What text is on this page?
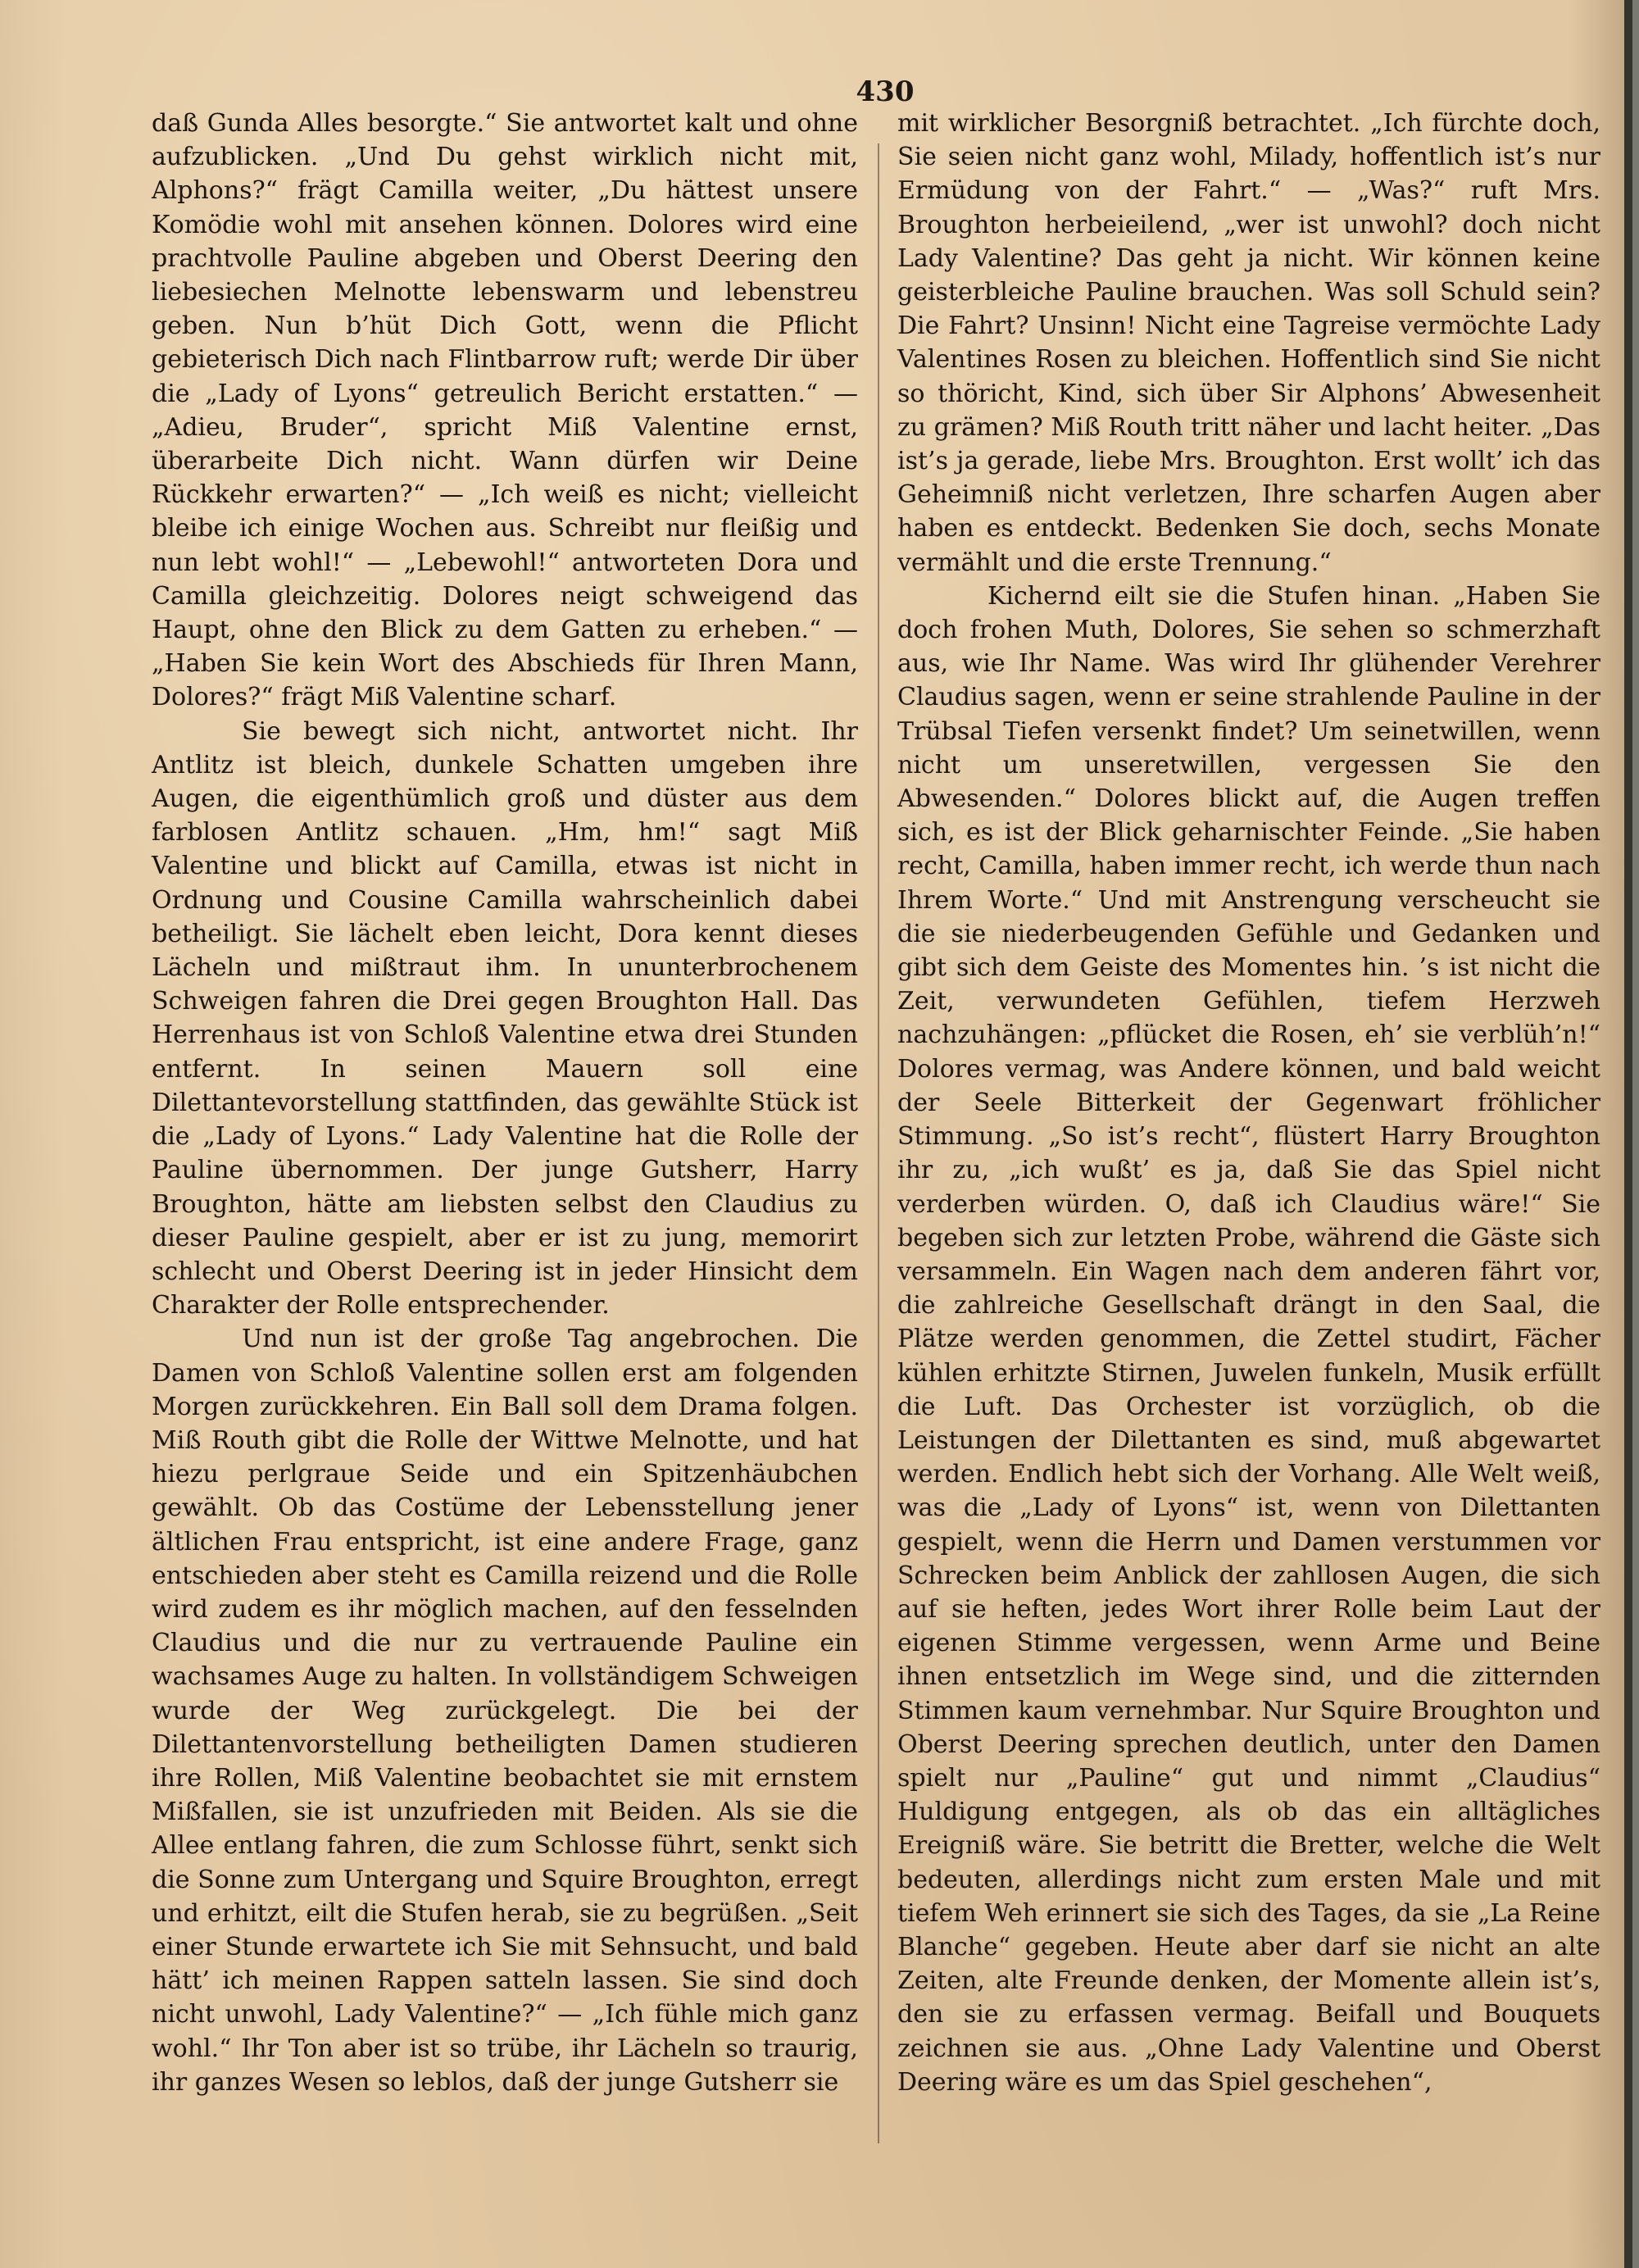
430

daß Gunda Alles besorgte.“ Sie antwortet kalt und ohne aufzublicken. „Und Du gehst wirklich nicht mit, Alphons?“ frägt Camilla weiter, „Du hättest unsere Komödie wohl mit ansehen können. Dolores wird eine prachtvolle Pauline abgeben und Oberst Deering den liebesiechen Melnotte lebenswarm und lebenstreu geben. Nun b’hüt Dich Gott, wenn die Pflicht gebieterisch Dich nach Flintbarrow ruft; werde Dir über die „Lady of Lyons“ getreulich Bericht erstatten.“ — „Adieu, Bruder“, spricht Miß Valentine ernst, überarbeite Dich nicht. Wann dürfen wir Deine Rückkehr erwarten?“ — „Ich weiß es nicht; vielleicht bleibe ich einige Wochen aus. Schreibt nur fleißig und nun lebt wohl!“ — „Lebewohl!“ antworteten Dora und Camilla gleichzeitig. Dolores neigt schweigend das Haupt, ohne den Blick zu dem Gatten zu erheben.“ — „Haben Sie kein Wort des Abschieds für Ihren Mann, Dolores?“ frägt Miß Valentine scharf.

Sie bewegt sich nicht, antwortet nicht. Ihr Antlitz ist bleich, dunkele Schatten umgeben ihre Augen, die eigenthümlich groß und düster aus dem farblosen Antlitz schauen. „Hm, hm!“ sagt Miß Valentine und blickt auf Camilla, etwas ist nicht in Ordnung und Cousine Camilla wahrscheinlich dabei betheiligt. Sie lächelt eben leicht, Dora kennt dieses Lächeln und mißtraut ihm. In ununterbrochenem Schweigen fahren die Drei gegen Broughton Hall. Das Herrenhaus ist von Schloß Valentine etwa drei Stunden entfernt. In seinen Mauern soll eine Dilettantevorstellung stattfinden, das gewählte Stück ist die „Lady of Lyons.“ Lady Valentine hat die Rolle der Pauline übernommen. Der junge Gutsherr, Harry Broughton, hätte am liebsten selbst den Claudius zu dieser Pauline gespielt, aber er ist zu jung, memorirt schlecht und Oberst Deering ist in jeder Hinsicht dem Charakter der Rolle entsprechender.

Und nun ist der große Tag angebrochen. Die Damen von Schloß Valentine sollen erst am folgenden Morgen zurückkehren. Ein Ball soll dem Drama folgen. Miß Routh gibt die Rolle der Wittwe Melnotte, und hat hiezu perlgraue Seide und ein Spitzenhäubchen gewählt. Ob das Costüme der Lebensstellung jener ältlichen Frau entspricht, ist eine andere Frage, ganz entschieden aber steht es Camilla reizend und die Rolle wird zudem es ihr möglich machen, auf den fesselnden Claudius und die nur zu vertrauende Pauline ein wachsames Auge zu halten. In vollständigem Schweigen wurde der Weg zurückgelegt. Die bei der Dilettantenvorstellung betheiligten Damen studieren ihre Rollen, Miß Valentine beobachtet sie mit ernstem Mißfallen, sie ist unzufrieden mit Beiden. Als sie die Allee entlang fahren, die zum Schlosse führt, senkt sich die Sonne zum Untergang und Squire Broughton, erregt und erhitzt, eilt die Stufen herab, sie zu begrüßen. „Seit einer Stunde erwartete ich Sie mit Sehnsucht, und bald hätt’ ich meinen Rappen satteln lassen. Sie sind doch nicht unwohl, Lady Valentine?“ — „Ich fühle mich ganz wohl.“ Ihr Ton aber ist so trübe, ihr Lächeln so traurig, ihr ganzes Wesen so leblos, daß der junge Gutsherr sie

mit wirklicher Besorgniß betrachtet. „Ich fürchte doch, Sie seien nicht ganz wohl, Milady, hoffentlich ist’s nur Ermüdung von der Fahrt.“ — „Was?“ ruft Mrs. Broughton herbeieilend, „wer ist unwohl? doch nicht Lady Valentine? Das geht ja nicht. Wir können keine geisterbleiche Pauline brauchen. Was soll Schuld sein? Die Fahrt? Unsinn! Nicht eine Tagreise vermöchte Lady Valentines Rosen zu bleichen. Hoffentlich sind Sie nicht so thöricht, Kind, sich über Sir Alphons’ Abwesenheit zu grämen? Miß Routh tritt näher und lacht heiter. „Das ist’s ja gerade, liebe Mrs. Broughton. Erst wollt’ ich das Geheimniß nicht verletzen, Ihre scharfen Augen aber haben es entdeckt. Bedenken Sie doch, sechs Monate vermählt und die erste Trennung.“

Kichernd eilt sie die Stufen hinan. „Haben Sie doch frohen Muth, Dolores, Sie sehen so schmerzhaft aus, wie Ihr Name. Was wird Ihr glühender Verehrer Claudius sagen, wenn er seine strahlende Pauline in der Trübsal Tiefen versenkt findet? Um seinetwillen, wenn nicht um unseretwillen, vergessen Sie den Abwesenden.“ Dolores blickt auf, die Augen treffen sich, es ist der Blick geharnischter Feinde. „Sie haben recht, Camilla, haben immer recht, ich werde thun nach Ihrem Worte.“ Und mit Anstrengung verscheucht sie die sie niederbeugenden Gefühle und Gedanken und gibt sich dem Geiste des Momentes hin. ’s ist nicht die Zeit, verwundeten Gefühlen, tiefem Herzweh nachzuhängen: „pflücket die Rosen, eh’ sie verblüh’n!“ Dolores vermag, was Andere können, und bald weicht der Seele Bitterkeit der Gegenwart fröhlicher Stimmung. „So ist’s recht“, flüstert Harry Broughton ihr zu, „ich wußt’ es ja, daß Sie das Spiel nicht verderben würden. O, daß ich Claudius wäre!“ Sie begeben sich zur letzten Probe, während die Gäste sich versammeln. Ein Wagen nach dem anderen fährt vor, die zahlreiche Gesellschaft drängt in den Saal, die Plätze werden genommen, die Zettel studirt, Fächer kühlen erhitzte Stirnen, Juwelen funkeln, Musik erfüllt die Luft. Das Orchester ist vorzüglich, ob die Leistungen der Dilettanten es sind, muß abgewartet werden. Endlich hebt sich der Vorhang. Alle Welt weiß, was die „Lady of Lyons“ ist, wenn von Dilettanten gespielt, wenn die Herrn und Damen verstummen vor Schrecken beim Anblick der zahllosen Augen, die sich auf sie heften, jedes Wort ihrer Rolle beim Laut der eigenen Stimme vergessen, wenn Arme und Beine ihnen entsetzlich im Wege sind, und die zitternden Stimmen kaum vernehmbar. Nur Squire Broughton und Oberst Deering sprechen deutlich, unter den Damen spielt nur „Pauline“ gut und nimmt „Claudius“ Huldigung entgegen, als ob das ein alltägliches Ereigniß wäre. Sie betritt die Bretter, welche die Welt bedeuten, allerdings nicht zum ersten Male und mit tiefem Weh erinnert sie sich des Tages, da sie „La Reine Blanche“ gegeben. Heute aber darf sie nicht an alte Zeiten, alte Freunde denken, der Momente allein ist’s, den sie zu erfassen vermag. Beifall und Bouquets zeichnen sie aus. „Ohne Lady Valentine und Oberst Deering wäre es um das Spiel geschehen“,
